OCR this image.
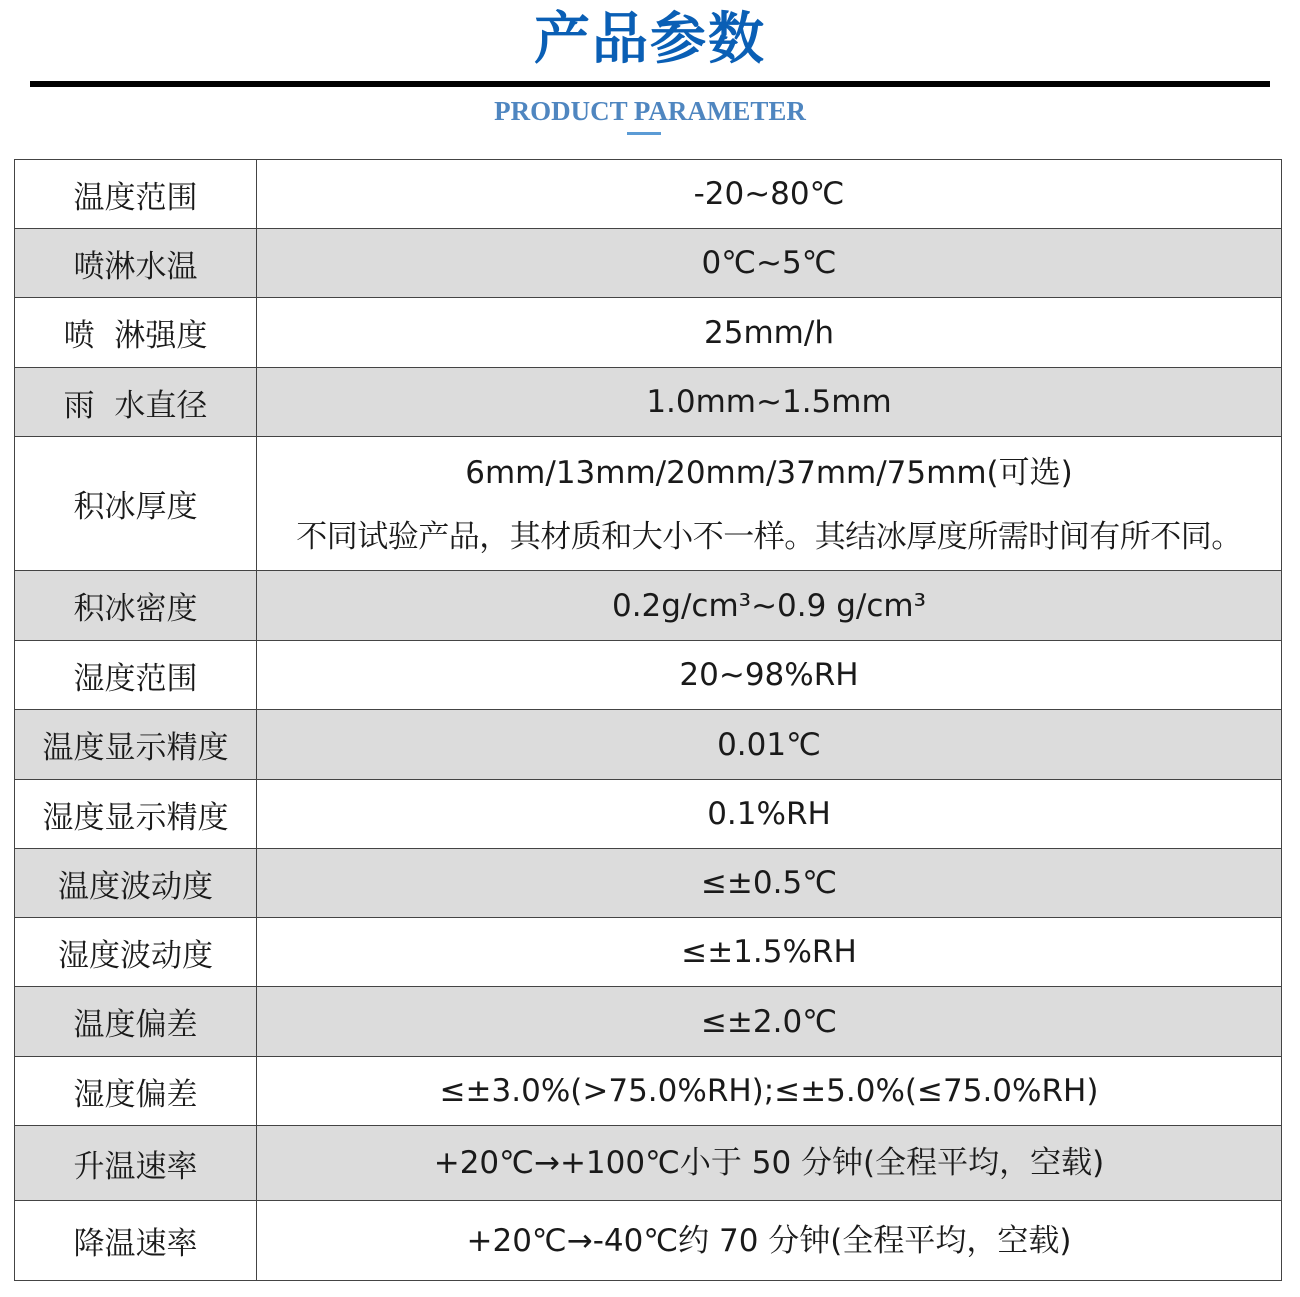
产品参数
PRODUCT PARAMETER
温度范围	-20~80℃
喷淋水温	0℃~5℃
喷  淋强度	25mm/h
雨  水直径	1.0mm~1.5mm
积冰厚度	6mm/13mm/20mm/37mm/75mm(可选)
不同试验产品，其材质和大小不一样。其结冰厚度所需时间有所不同。

积冰密度	0.2g/cm³~0.9 g/cm³
湿度范围	20~98%RH
温度显示精度	0.01℃
湿度显示精度	0.1%RH
温度波动度	≤±0.5℃
湿度波动度	≤±1.5%RH
温度偏差	≤±2.0℃
湿度偏差	≤±3.0%(>75.0%RH);≤±5.0%(≤75.0%RH)
升温速率	+20℃→+100℃小于 50 分钟(全程平均，空载)
降温速率	+20℃→-40℃约 70 分钟(全程平均，空载)
